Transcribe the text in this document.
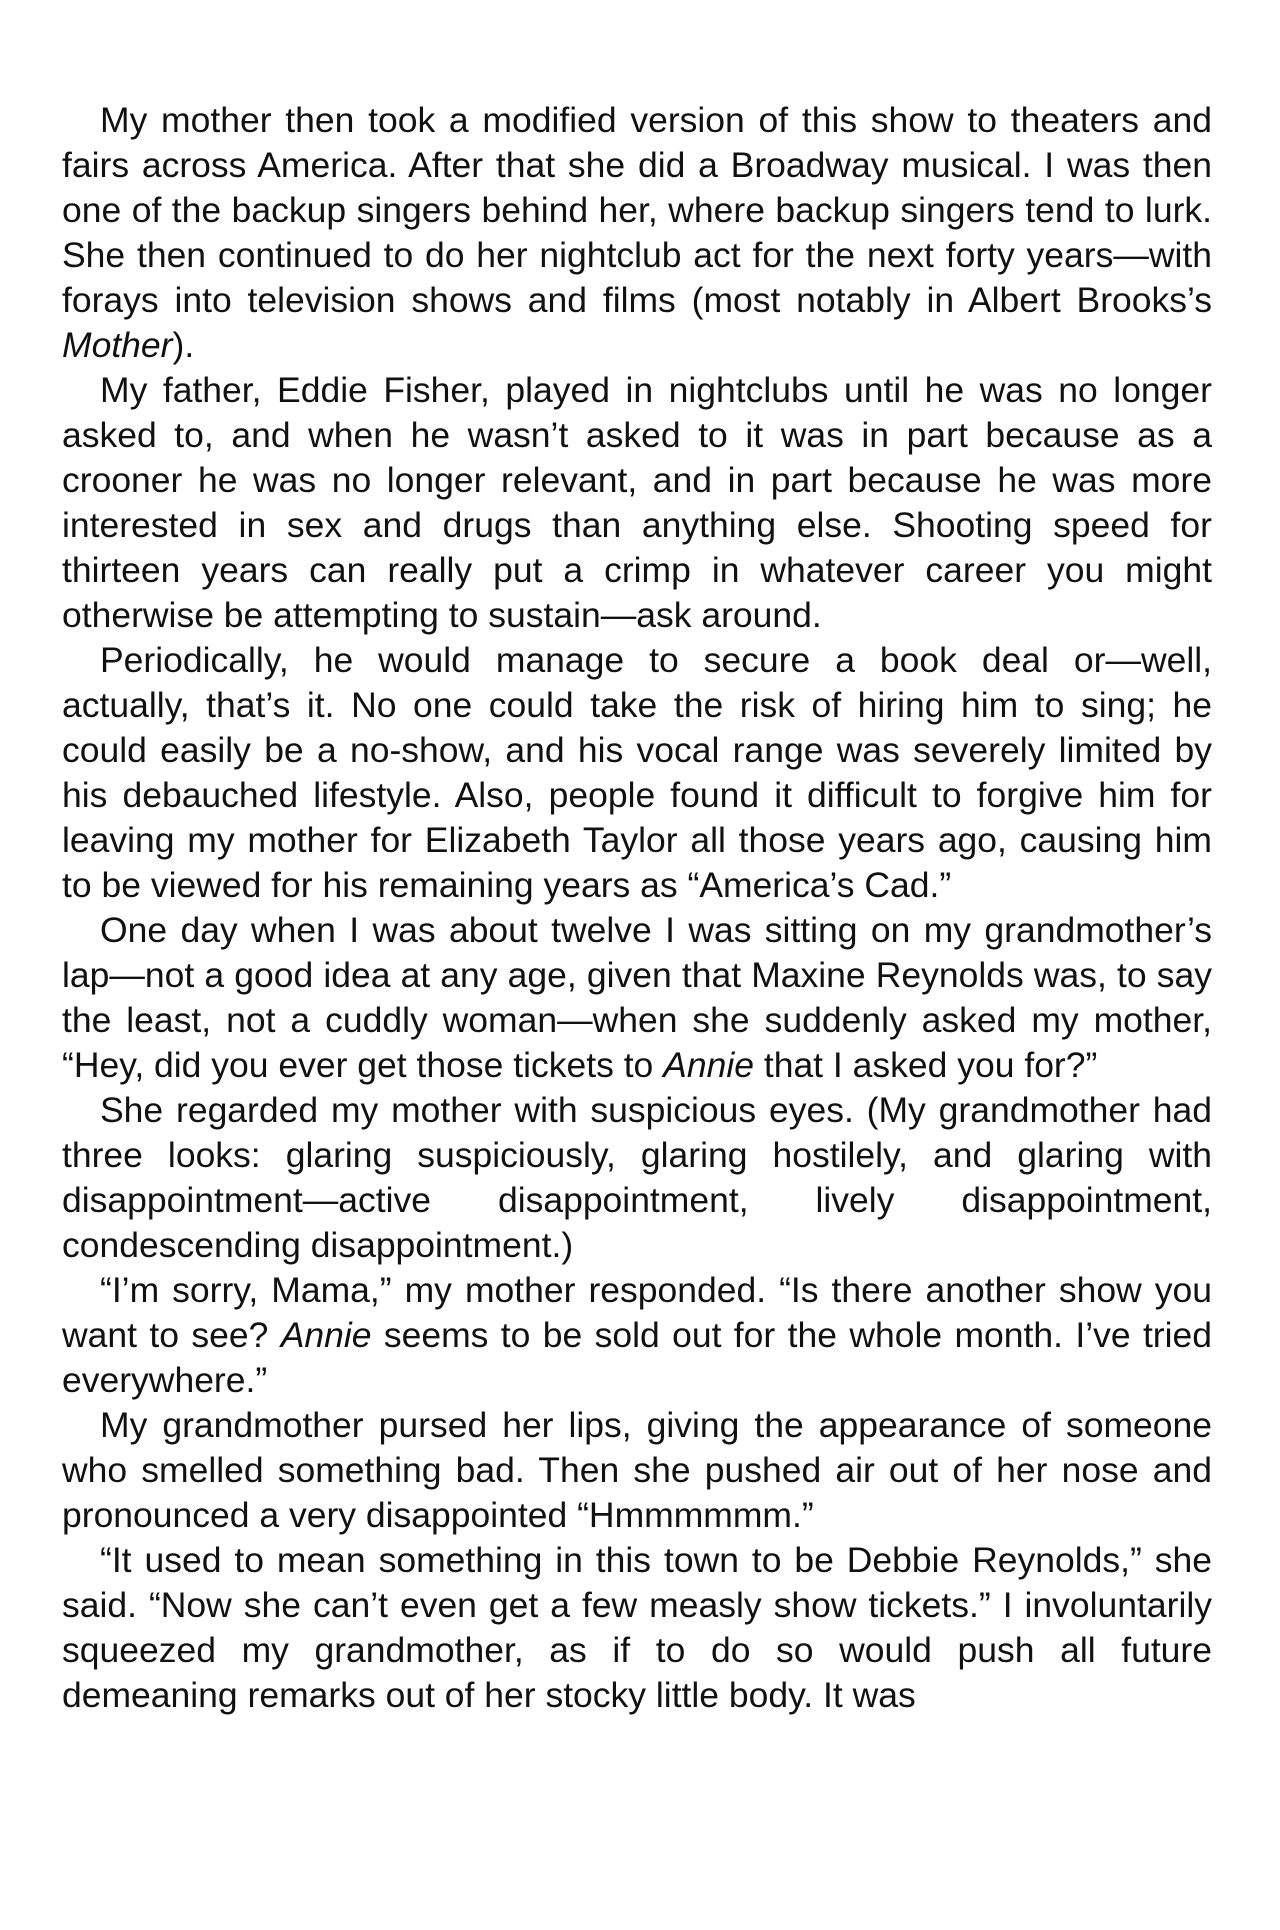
My mother then took a modified version of this show to theaters and fairs across America. After that she did a Broadway musical. I was then one of the backup singers behind her, where backup singers tend to lurk. She then continued to do her nightclub act for the next forty years—with forays into television shows and films (most notably in Albert Brooks’s Mother).

My father, Eddie Fisher, played in nightclubs until he was no longer asked to, and when he wasn’t asked to it was in part because as a crooner he was no longer relevant, and in part because he was more interested in sex and drugs than anything else. Shooting speed for thirteen years can really put a crimp in whatever career you might otherwise be attempting to sustain—ask around.

Periodically, he would manage to secure a book deal or—well, actually, that’s it. No one could take the risk of hiring him to sing; he could easily be a no-show, and his vocal range was severely limited by his debauched lifestyle. Also, people found it difficult to forgive him for leaving my mother for Elizabeth Taylor all those years ago, causing him to be viewed for his remaining years as “America’s Cad.”

One day when I was about twelve I was sitting on my grandmother’s lap—not a good idea at any age, given that Maxine Reynolds was, to say the least, not a cuddly woman—when she suddenly asked my mother, “Hey, did you ever get those tickets to Annie that I asked you for?”

She regarded my mother with suspicious eyes. (My grandmother had three looks: glaring suspiciously, glaring hostilely, and glaring with disappointment—active disappointment, lively disappointment, condescending disappointment.)

“I’m sorry, Mama,” my mother responded. “Is there another show you want to see? Annie seems to be sold out for the whole month. I’ve tried everywhere.”

My grandmother pursed her lips, giving the appearance of someone who smelled something bad. Then she pushed air out of her nose and pronounced a very disappointed “Hmmmmmm.”

“It used to mean something in this town to be Debbie Reynolds,” she said. “Now she can’t even get a few measly show tickets.” I involuntarily squeezed my grandmother, as if to do so would push all future demeaning remarks out of her stocky little body. It was
